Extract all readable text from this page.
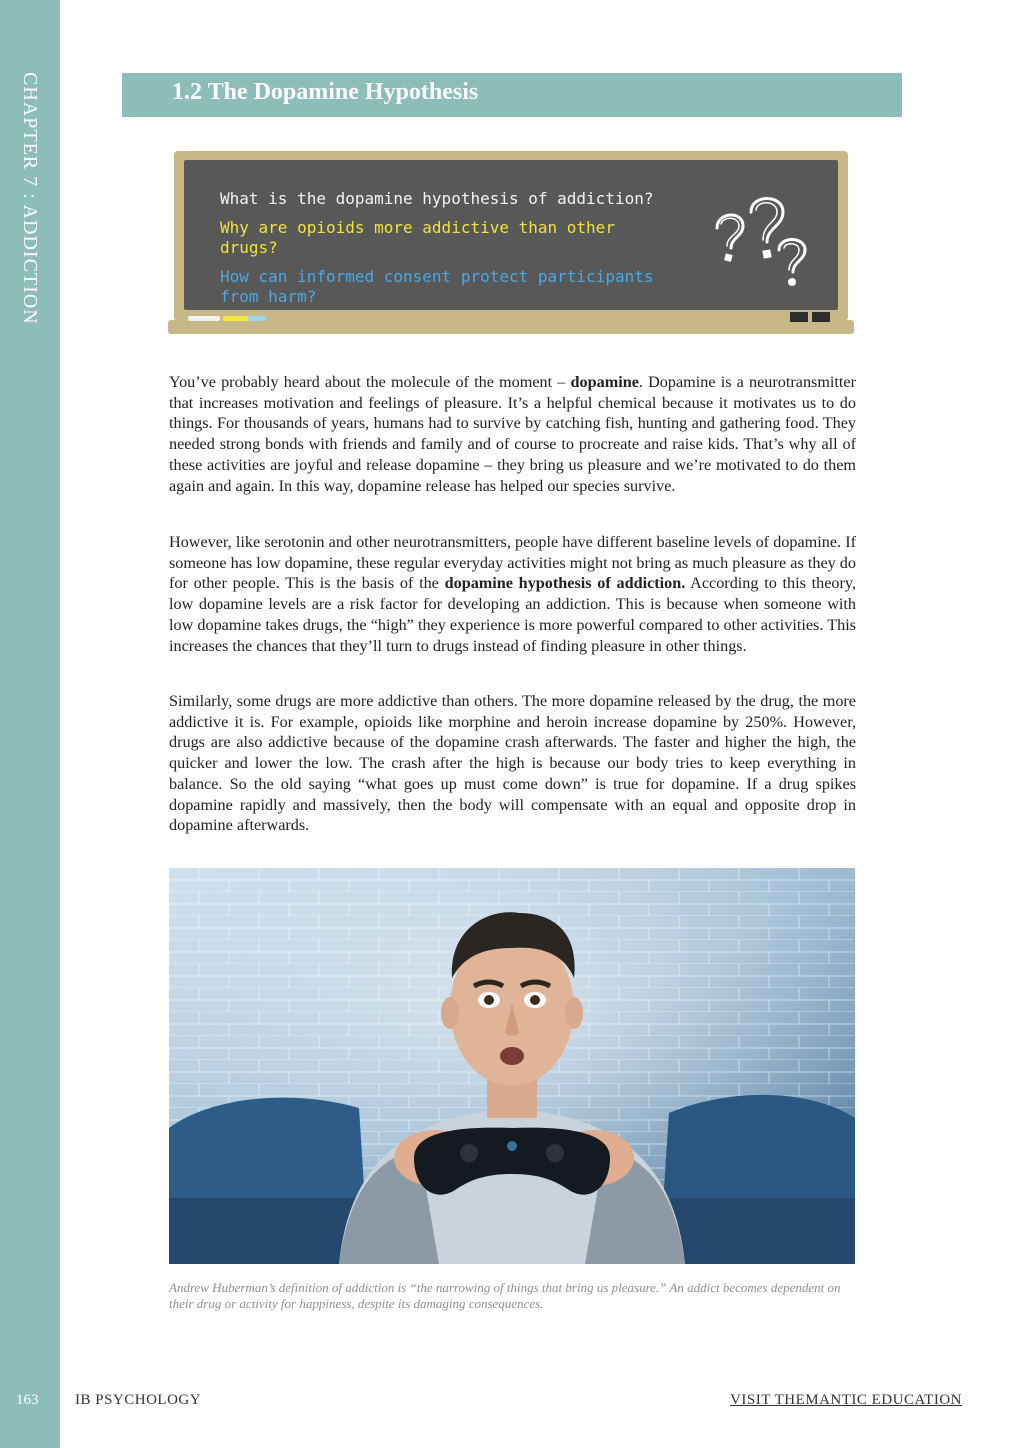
CHAPTER 7 : ADDICTION
163
1.2 The Dopamine Hypothesis
What is the dopamine hypothesis of addiction?
Why are opioids more addictive than other drugs?
How can informed consent protect participants from harm?
You’ve probably heard about the molecule of the moment – dopamine. Dopamine is a neurotransmitter that increases motivation and feelings of pleasure. It’s a helpful chemical because it motivates us to do things. For thousands of years, humans had to survive by catching fish, hunting and gathering food. They needed strong bonds with friends and family and of course to procreate and raise kids. That’s why all of these activities are joyful and release dopamine – they bring us pleasure and we’re motivated to do them again and again. In this way, dopamine release has helped our species survive.
However, like serotonin and other neurotransmitters, people have different baseline levels of dopamine. If someone has low dopamine, these regular everyday activities might not bring as much pleasure as they do for other people. This is the basis of the dopamine hypothesis of addiction. According to this theory, low dopamine levels are a risk factor for developing an addiction. This is because when someone with low dopamine takes drugs, the “high” they experience is more powerful compared to other activities. This increases the chances that they’ll turn to drugs instead of finding pleasure in other things.
Similarly, some drugs are more addictive than others. The more dopamine released by the drug, the more addictive it is. For example, opioids like morphine and heroin increase dopamine by 250%. However, drugs are also addictive because of the dopamine crash afterwards. The faster and higher the high, the quicker and lower the low. The crash after the high is because our body tries to keep everything in balance. So the old saying “what goes up must come down” is true for dopamine. If a drug spikes dopamine rapidly and massively, then the body will compensate with an equal and opposite drop in dopamine afterwards.
Andrew Huberman’s definition of addiction is “the narrowing of things that bring us pleasure.” An addict becomes dependent on their drug or activity for happiness, despite its damaging consequences.
IB PSYCHOLOGY	VISIT THEMANTIC EDUCATION
